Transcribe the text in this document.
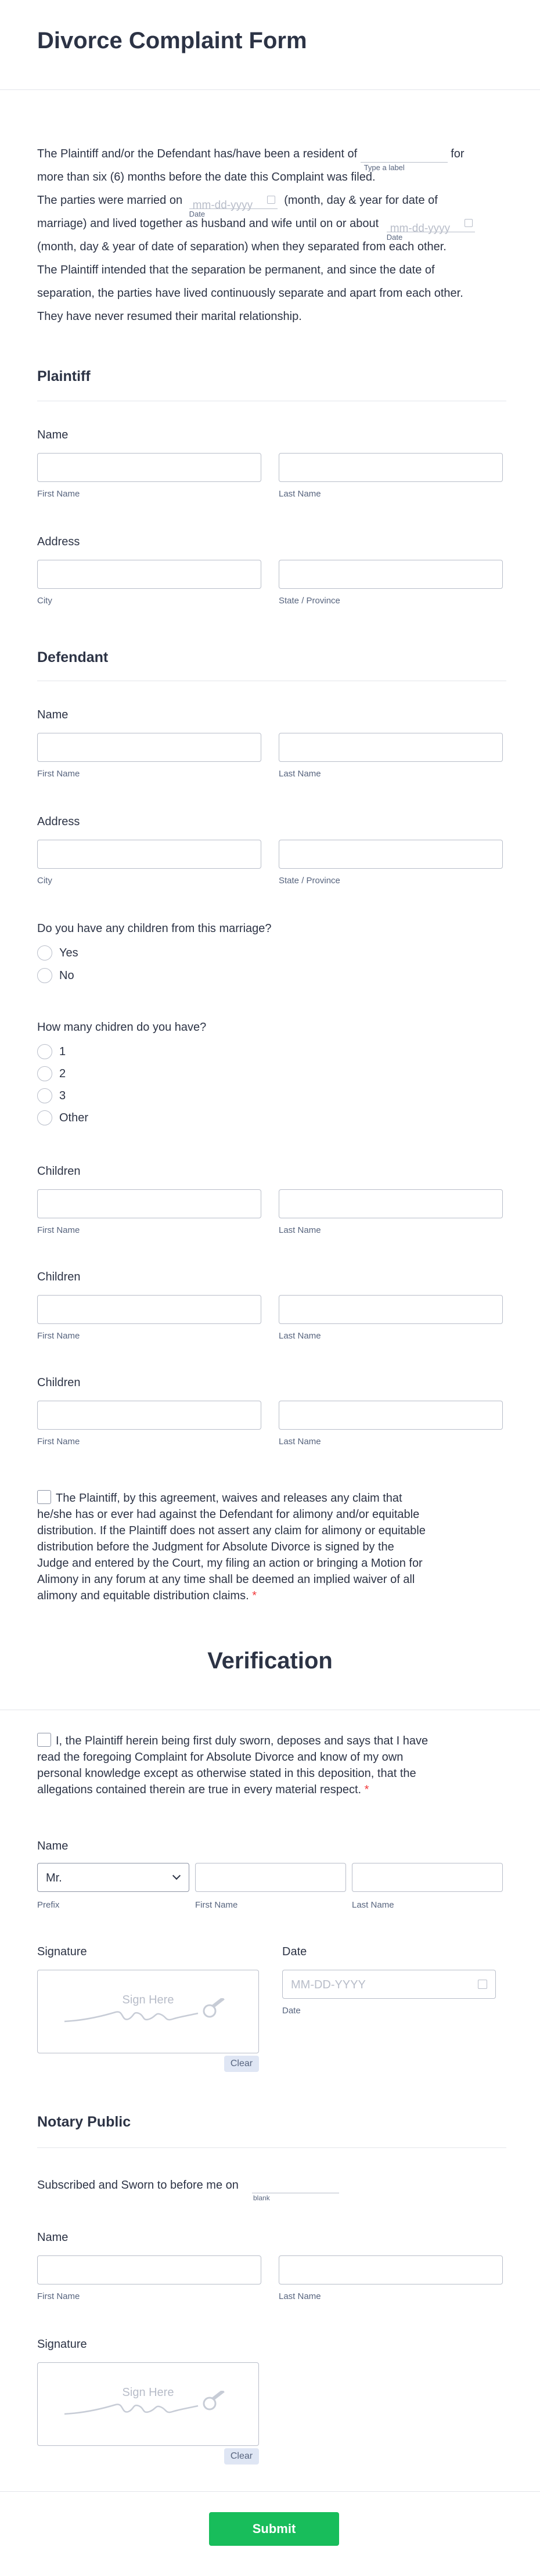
Divorce Complaint Form
The Plaintiff and/or the Defendant has/have been a resident of
Type a label
for
more than six (6) months before the date this Complaint was filed.
The parties were married on mm-dd-yyyy
Date
(month, day & year for date of
marriage) and lived together as husband and wife until on or about mm-dd-yyyy
Date
(month, day & year of date of separation) when they separated from each other.
The Plaintiff intended that the separation be permanent, and since the date of
separation, the parties have lived continuously separate and apart from each other.
They have never resumed their marital relationship.
Plaintiff
Name
First Name	Last Name
Address
City	State / Province
Defendant
Name
First Name	Last Name
Address
City	State / Province
Do you have any children from this marriage?
Yes
No
How many chidren do you have?
1
2
3
Other
Children
First Name	Last Name
Children
First Name	Last Name
Children
First Name	Last Name
The Plaintiff, by this agreement, waives and releases any claim that
he/she has or ever had against the Defendant for alimony and/or equitable
distribution. If the Plaintiff does not assert any claim for alimony or equitable
distribution before the Judgment for Absolute Divorce is signed by the
Judge and entered by the Court, my filing an action or bringing a Motion for
Alimony in any forum at any time shall be deemed an implied waiver of all
alimony and equitable distribution claims. *
Verification
I, the Plaintiff herein being first duly sworn, deposes and says that I have
read the foregoing Complaint for Absolute Divorce and know of my own
personal knowledge except as otherwise stated in this deposition, that the
allegations contained therein are true in every material respect. *
Name
Mr.
Prefix	First Name	Last Name
Signature
Sign Here
Clear
Date
MM-DD-YYYY
Date
Notary Public
Subscribed and Sworn to before me on
blank
Name
First Name	Last Name
Signature
Sign Here
Clear
Submit
